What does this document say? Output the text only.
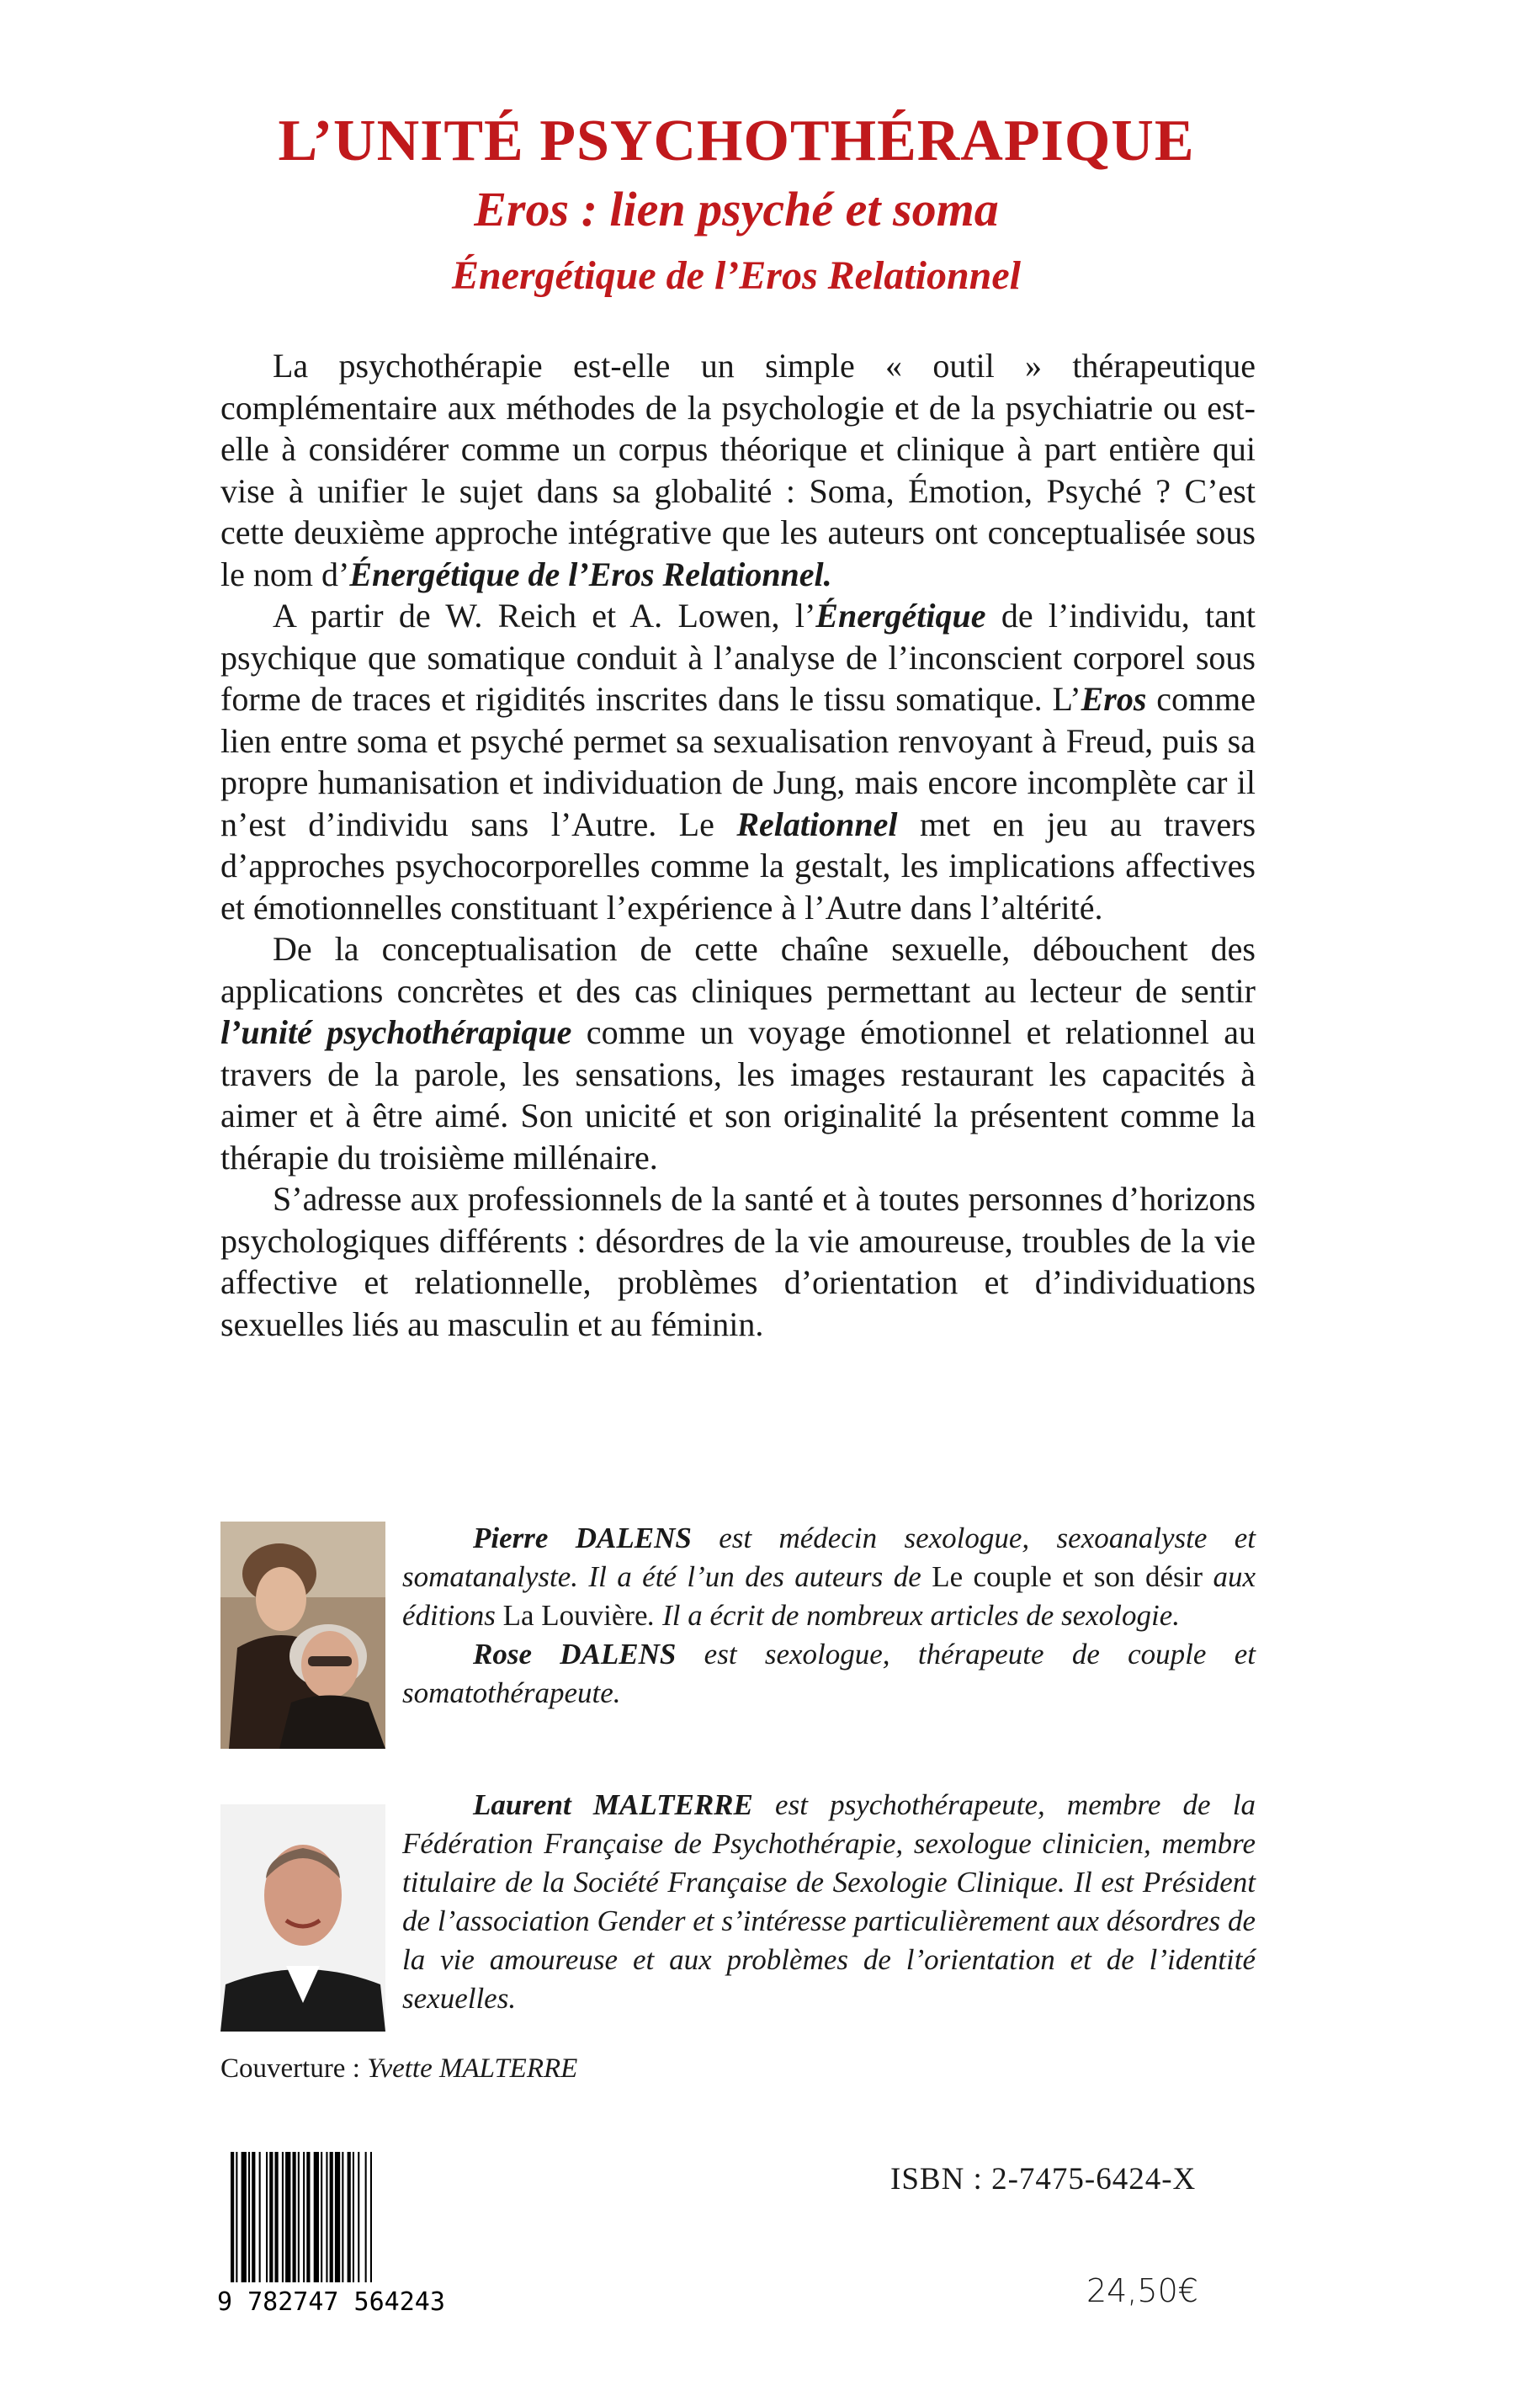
L’UNITÉ PSYCHOTHÉRAPIQUE
Eros : lien psyché et soma
Énergétique de l’Eros Relationnel

La psychothérapie est-elle un simple « outil » thérapeutique complémentaire aux méthodes de la psychologie et de la psychiatrie ou est-elle à considérer comme un corpus théorique et clinique à part entière qui vise à unifier le sujet dans sa globalité : Soma, Émotion, Psyché ? C’est cette deuxième approche intégrative que les auteurs ont conceptualisée sous le nom d’Énergétique de l’Eros Relationnel.

A partir de W. Reich et A. Lowen, l’Énergétique de l’individu, tant psychique que somatique conduit à l’analyse de l’inconscient corporel sous forme de traces et rigidités inscrites dans le tissu somatique. L’Eros comme lien entre soma et psyché permet sa sexualisation renvoyant à Freud, puis sa propre humanisation et individuation de Jung, mais encore incomplète car il n’est d’individu sans l’Autre. Le Relationnel met en jeu au travers d’approches psychocorporelles comme la gestalt, les implications affectives et émotionnelles constituant l’expérience à l’Autre dans l’altérité.

De la conceptualisation de cette chaîne sexuelle, débouchent des applications concrètes et des cas cliniques permettant au lecteur de sentir l’unité psychothérapique comme un voyage émotionnel et relationnel au travers de la parole, les sensations, les images restaurant les capacités à aimer et à être aimé. Son unicité et son originalité la présentent comme la thérapie du troisième millénaire.

S’adresse aux professionnels de la santé et à toutes personnes d’horizons psychologiques différents : désordres de la vie amoureuse, troubles de la vie affective et relationnelle, problèmes d’orientation et d’individuations sexuelles liés au masculin et au féminin.

Pierre DALENS est médecin sexologue, sexoanalyste et somatanalyste. Il a été l’un des auteurs de Le couple et son désir aux éditions La Louvière. Il a écrit de nombreux articles de sexologie.

Rose DALENS est sexologue, thérapeute de couple et somatothérapeute.

Laurent MALTERRE est psychothérapeute, membre de la Fédération Française de Psychothérapie, sexologue clinicien, membre titulaire de la Société Française de Sexologie Clinique. Il est Président de l’association Gender et s’intéresse particulièrement aux désordres de la vie amoureuse et aux problèmes de l’orientation et de l’identité sexuelles.

Couverture : Yvette MALTERRE
9 782747 564243
ISBN : 2-7475-6424-X
24,50€
